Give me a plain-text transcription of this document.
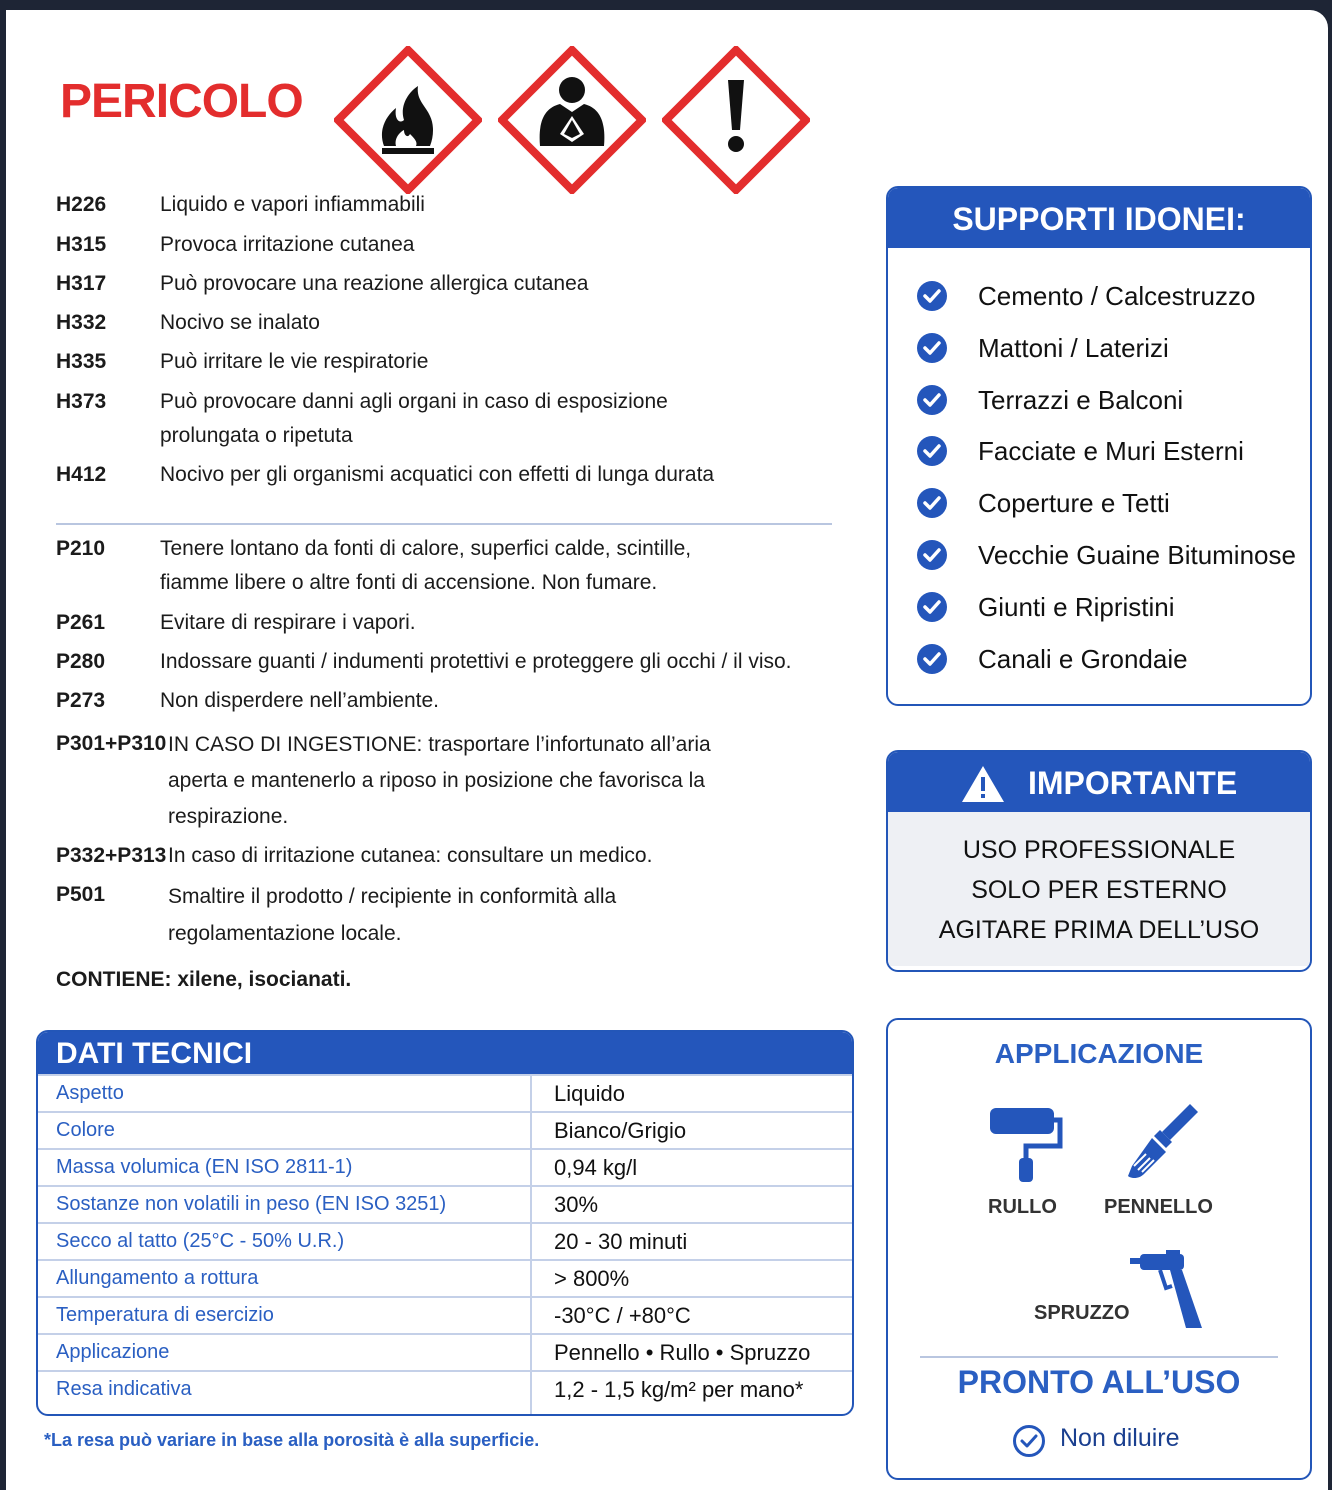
PERICOLO
H226	Liquido e vapori infiammabili
H315	Provoca irritazione cutanea
H317	Può provocare una reazione allergica cutanea
H332	Nocivo se inalato
H335	Può irritare le vie respiratorie
H373	Può provocare danni agli organi in caso di esposizione prolungata o ripetuta
H412	Nocivo per gli organismi acquatici con effetti di lunga durata
P210	Tenere lontano da fonti di calore, superfici calde, scintille, fiamme libere o altre fonti di accensione. Non fumare.
P261	Evitare di respirare i vapori.
P280	Indossare guanti / indumenti protettivi e proteggere gli occhi / il viso.
P273	Non disperdere nell’ambiente.
P301+P310 IN CASO DI INGESTIONE: trasportare l’infortunato all’aria aperta e mantenerlo a riposo in posizione che favorisca la respirazione.
P332+P313 In caso di irritazione cutanea: consultare un medico.
P501	Smaltire il prodotto / recipiente in conformità alla regolamentazione locale.
CONTIENE: xilene, isocianati.
DATI TECNICI
Aspetto	Liquido
Colore	Bianco/Grigio
Massa volumica (EN ISO 2811-1)	0,94 kg/l
Sostanze non volatili in peso (EN ISO 3251)	30%
Secco al tatto (25°C - 50% U.R.)	20 - 30 minuti
Allungamento a rottura	> 800%
Temperatura di esercizio	-30°C / +80°C
Applicazione	Pennello • Rullo • Spruzzo
Resa indicativa	1,2 - 1,5 kg/m² per mano*
*La resa può variare in base alla porosità è alla superficie.
SUPPORTI IDONEI:
Cemento / Calcestruzzo
Mattoni / Laterizi
Terrazzi e Balconi
Facciate e Muri Esterni
Coperture e Tetti
Vecchie Guaine Bituminose
Giunti e Ripristini
Canali e Grondaie
IMPORTANTE
USO PROFESSIONALE
SOLO PER ESTERNO
AGITARE PRIMA DELL’USO
APPLICAZIONE
RULLO PENNELLO
SPRUZZO
PRONTO ALL’USO
Non diluire
